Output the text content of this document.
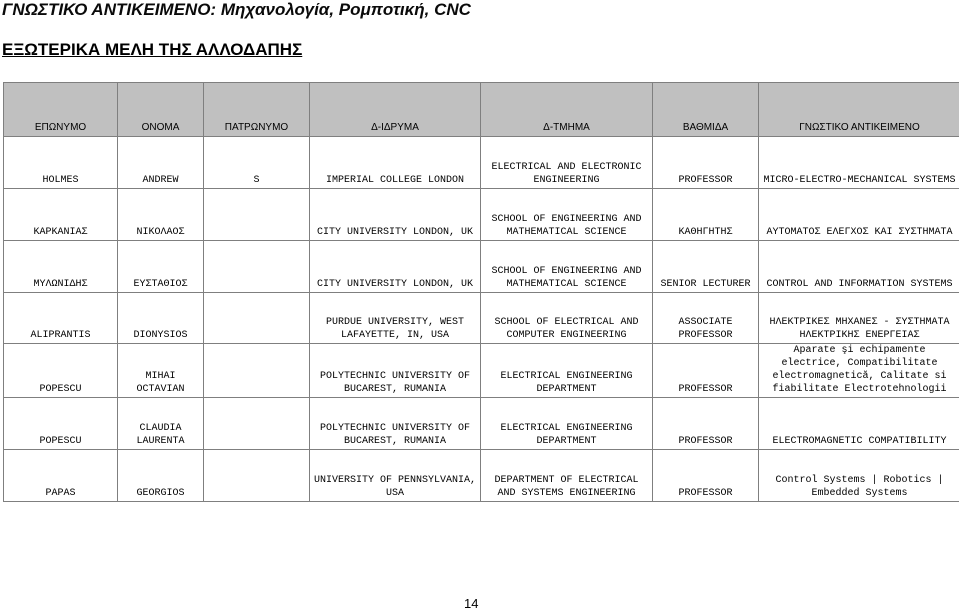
ΓΝΩΣΤΙΚΟ ΑΝΤΙΚΕΙΜΕΝΟ: Μηχανολογία, Ρομποτική, CNC
ΕΞΩΤΕΡΙΚΑ ΜΕΛΗ ΤΗΣ ΑΛΛΟΔΑΠΗΣ
ΕΠΩΝΥΜΟ	ΟΝΟΜΑ	ΠΑΤΡΩΝΥΜΟ	Δ-ΙΔΡΥΜΑ	Δ-ΤΜΗΜΑ	ΒΑΘΜΙΔΑ	ΓΝΩΣΤΙΚΟ ΑΝΤΙΚΕΙΜΕΝΟ
HOLMES	ANDREW	S	IMPERIAL COLLEGE LONDON	ELECTRICAL AND ELECTRONIC ENGINEERING	PROFESSOR	MICRO-ELECTRO-MECHANICAL SYSTEMS
ΚΑΡΚΑΝΙΑΣ	ΝΙΚΟΛΑΟΣ		CITY UNIVERSITY LONDON, UK	SCHOOL OF ENGINEERING AND MATHEMATICAL SCIENCE	ΚΑΘΗΓΗΤΗΣ	ΑΥΤΟΜΑΤΟΣ ΕΛΕΓΧΟΣ ΚΑΙ ΣΥΣΤΗΜΑΤΑ
ΜΥΛΩΝΙΔΗΣ	ΕΥΣΤΑΘΙΟΣ		CITY UNIVERSITY LONDON, UK	SCHOOL OF ENGINEERING AND MATHEMATICAL SCIENCE	SENIOR LECTURER	CONTROL AND INFORMATION SYSTEMS
ALIPRANTIS	DIONYSIOS		PURDUE UNIVERSITY, WEST LAFAYETTE, IN, USA	SCHOOL OF ELECTRICAL AND COMPUTER ENGINEERING	ASSOCIATE PROFESSOR	ΗΛΕΚΤΡΙΚΕΣ ΜΗΧΑΝΕΣ - ΣΥΣΤΗΜΑΤΑ ΗΛΕΚΤΡΙΚΗΣ ΕΝΕΡΓΕΙΑΣ
POPESCU	MIHAI OCTAVIAN		POLYTECHNIC UNIVERSITY OF BUCAREST, RUMANIA	ELECTRICAL ENGINEERING DEPARTMENT	PROFESSOR	Aparate şi echipamente electrice, Compatibilitate electromagnetică, Calitate si fiabilitate Electrotehnologii
POPESCU	CLAUDIA LAURENTA		POLYTECHNIC UNIVERSITY OF BUCAREST, RUMANIA	ELECTRICAL ENGINEERING DEPARTMENT	PROFESSOR	ELECTROMAGNETIC COMPATIBILITY
PAPAS	GEORGIOS		UNIVERSITY OF PENNSYLVANIA, USA	DEPARTMENT OF ELECTRICAL AND SYSTEMS ENGINEERING	PROFESSOR	Control Systems | Robotics | Embedded Systems
14
